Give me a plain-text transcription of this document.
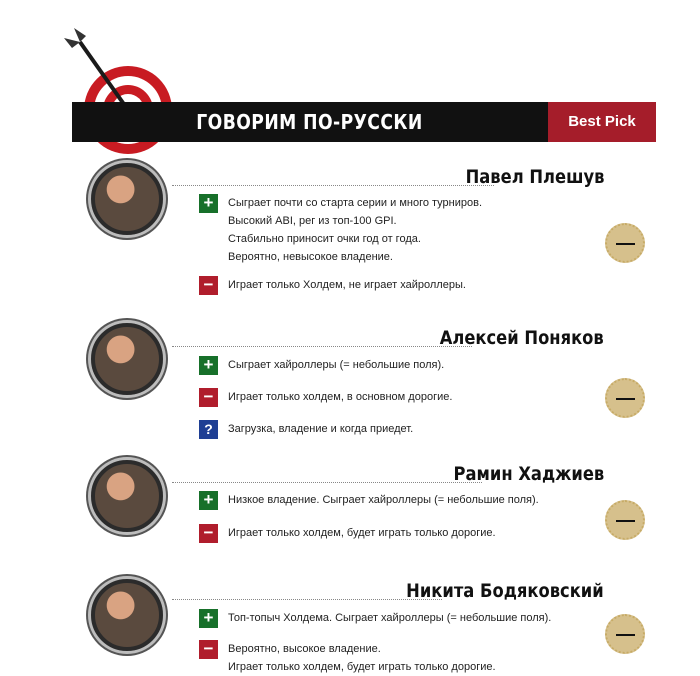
ГОВОРИМ ПО-РУССКИ	Best Pick
Павел Плешув
+	Сыграет почти со старта серии и много турниров.
Высокий ABI, рег из топ-100 GPI.
Стабильно приносит очки год от года.
Вероятно, невысокое владение.
−	Играет только Холдем, не играет хайроллеры.
Алексей Поняков
+	Сыграет хайроллеры (= небольшие поля).
−	Играет только холдем, в основном дорогие.
?	Загрузка, владение и когда приедет.
Рамин Хаджиев
+	Низкое владение. Сыграет хайроллеры (= небольшие поля).
−	Играет только холдем, будет играть только дорогие.
Никита Бодяковский
+	Топ-топыч Холдема. Сыграет хайроллеры (= небольшие поля).
−	Вероятно, высокое владение.
Играет только холдем, будет играть только дорогие.
